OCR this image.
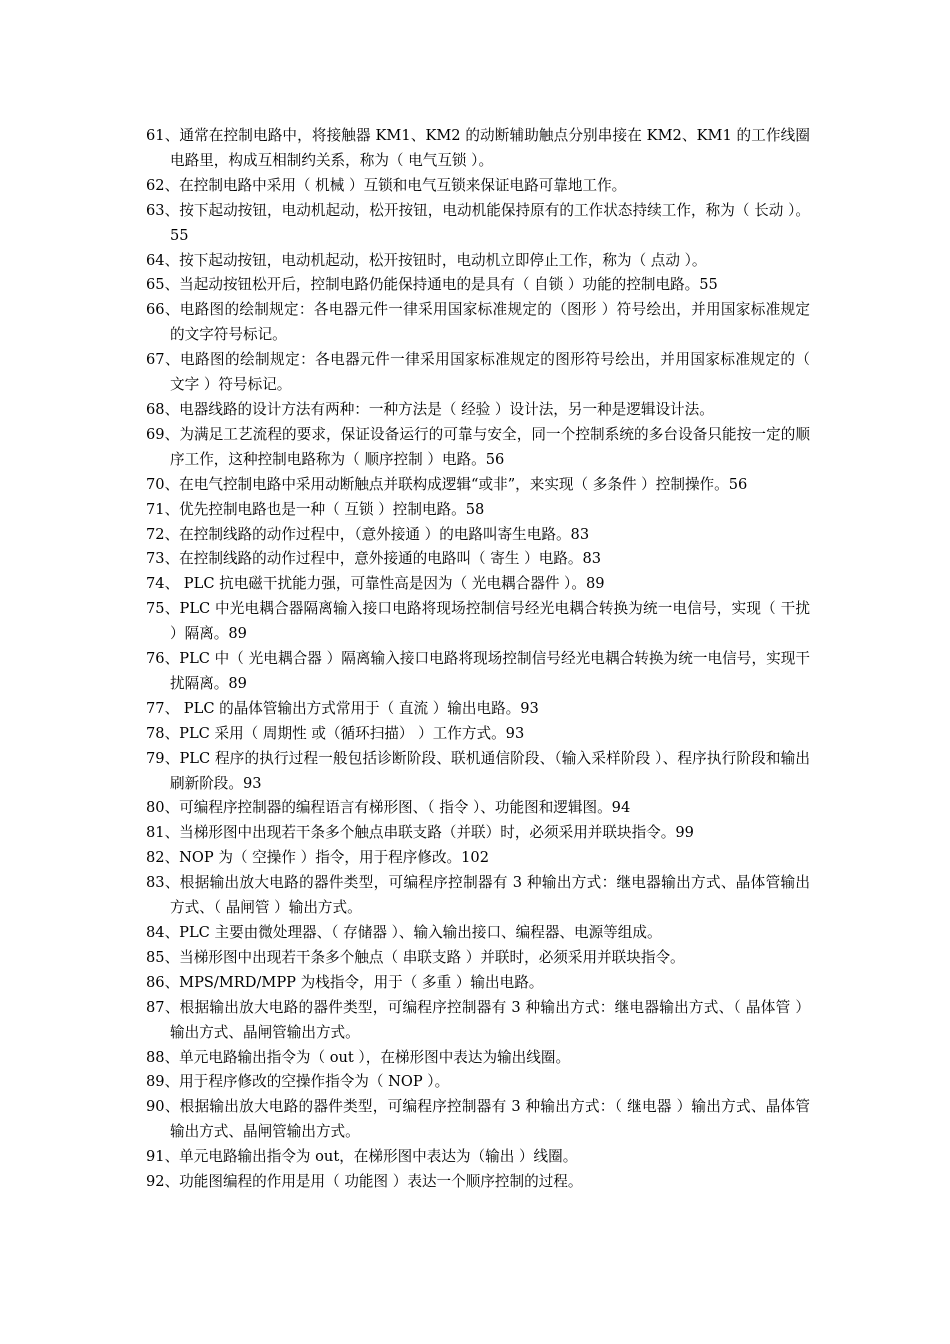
61、通常在控制电路中，将接触器 KM1、KM2 的动断辅助触点分别串接在 KM2、KM1 的工作线圈电路里，构成互相制约关系，称为（ 电气互锁 ）。

62、在控制电路中采用（ 机械 ）互锁和电气互锁来保证电路可靠地工作。

63、按下起动按钮，电动机起动，松开按钮，电动机能保持原有的工作状态持续工作，称为（ 长动 ）。55

64、按下起动按钮，电动机起动，松开按钮时，电动机立即停止工作，称为（ 点动 ）。

65、当起动按钮松开后，控制电路仍能保持通电的是具有（ 自锁 ）功能的控制电路。55

66、电路图的绘制规定：各电器元件一律采用国家标准规定的（图形 ）符号绘出，并用国家标准规定的文字符号标记。

67、电路图的绘制规定：各电器元件一律采用国家标准规定的图形符号绘出，并用国家标准规定的（ 文字 ）符号标记。

68、电器线路的设计方法有两种：一种方法是（ 经验 ）设计法，另一种是逻辑设计法。

69、为满足工艺流程的要求，保证设备运行的可靠与安全，同一个控制系统的多台设备只能按一定的顺序工作，这种控制电路称为（ 顺序控制 ）电路。56

70、在电气控制电路中采用动断触点并联构成逻辑“或非”，来实现（ 多条件 ）控制操作。56

71、优先控制电路也是一种（ 互锁 ）控制电路。58

72、在控制线路的动作过程中，（意外接通 ）的电路叫寄生电路。83

73、在控制线路的动作过程中，意外接通的电路叫（ 寄生 ）电路。83

74、 PLC 抗电磁干扰能力强，可靠性高是因为（ 光电耦合器件 ）。89

75、PLC 中光电耦合器隔离输入接口电路将现场控制信号经光电耦合转换为统一电信号，实现（ 干扰 ）隔离。89

76、PLC 中（ 光电耦合器 ）隔离输入接口电路将现场控制信号经光电耦合转换为统一电信号，实现干扰隔离。89

77、 PLC 的晶体管输出方式常用于（ 直流 ）输出电路。93

78、PLC 采用（ 周期性 或（循环扫描） ）工作方式。93

79、PLC 程序的执行过程一般包括诊断阶段、联机通信阶段、（输入采样阶段 ）、程序执行阶段和输出刷新阶段。93

80、可编程序控制器的编程语言有梯形图、（ 指令 ）、功能图和逻辑图。94

81、当梯形图中出现若干条多个触点串联支路（并联）时，必须采用并联块指令。99

82、NOP 为（ 空操作 ）指令，用于程序修改。102

83、根据输出放大电路的器件类型，可编程序控制器有 3 种输出方式：继电器输出方式、晶体管输出方式、（ 晶闸管 ）输出方式。

84、PLC 主要由微处理器、（ 存储器 ）、输入输出接口、编程器、电源等组成。

85、当梯形图中出现若干条多个触点（ 串联支路 ）并联时，必须采用并联块指令。

86、MPS/MRD/MPP 为栈指令，用于（ 多重 ）输出电路。

87、根据输出放大电路的器件类型，可编程序控制器有 3 种输出方式：继电器输出方式、（ 晶体管 ）输出方式、晶闸管输出方式。

88、单元电路输出指令为（ out ），在梯形图中表达为输出线圈。

89、用于程序修改的空操作指令为（ NOP ）。

90、根据输出放大电路的器件类型，可编程序控制器有 3 种输出方式：（ 继电器 ）输出方式、晶体管输出方式、晶闸管输出方式。

91、单元电路输出指令为 out，在梯形图中表达为（输出 ）线圈。

92、功能图编程的作用是用（ 功能图 ）表达一个顺序控制的过程。
